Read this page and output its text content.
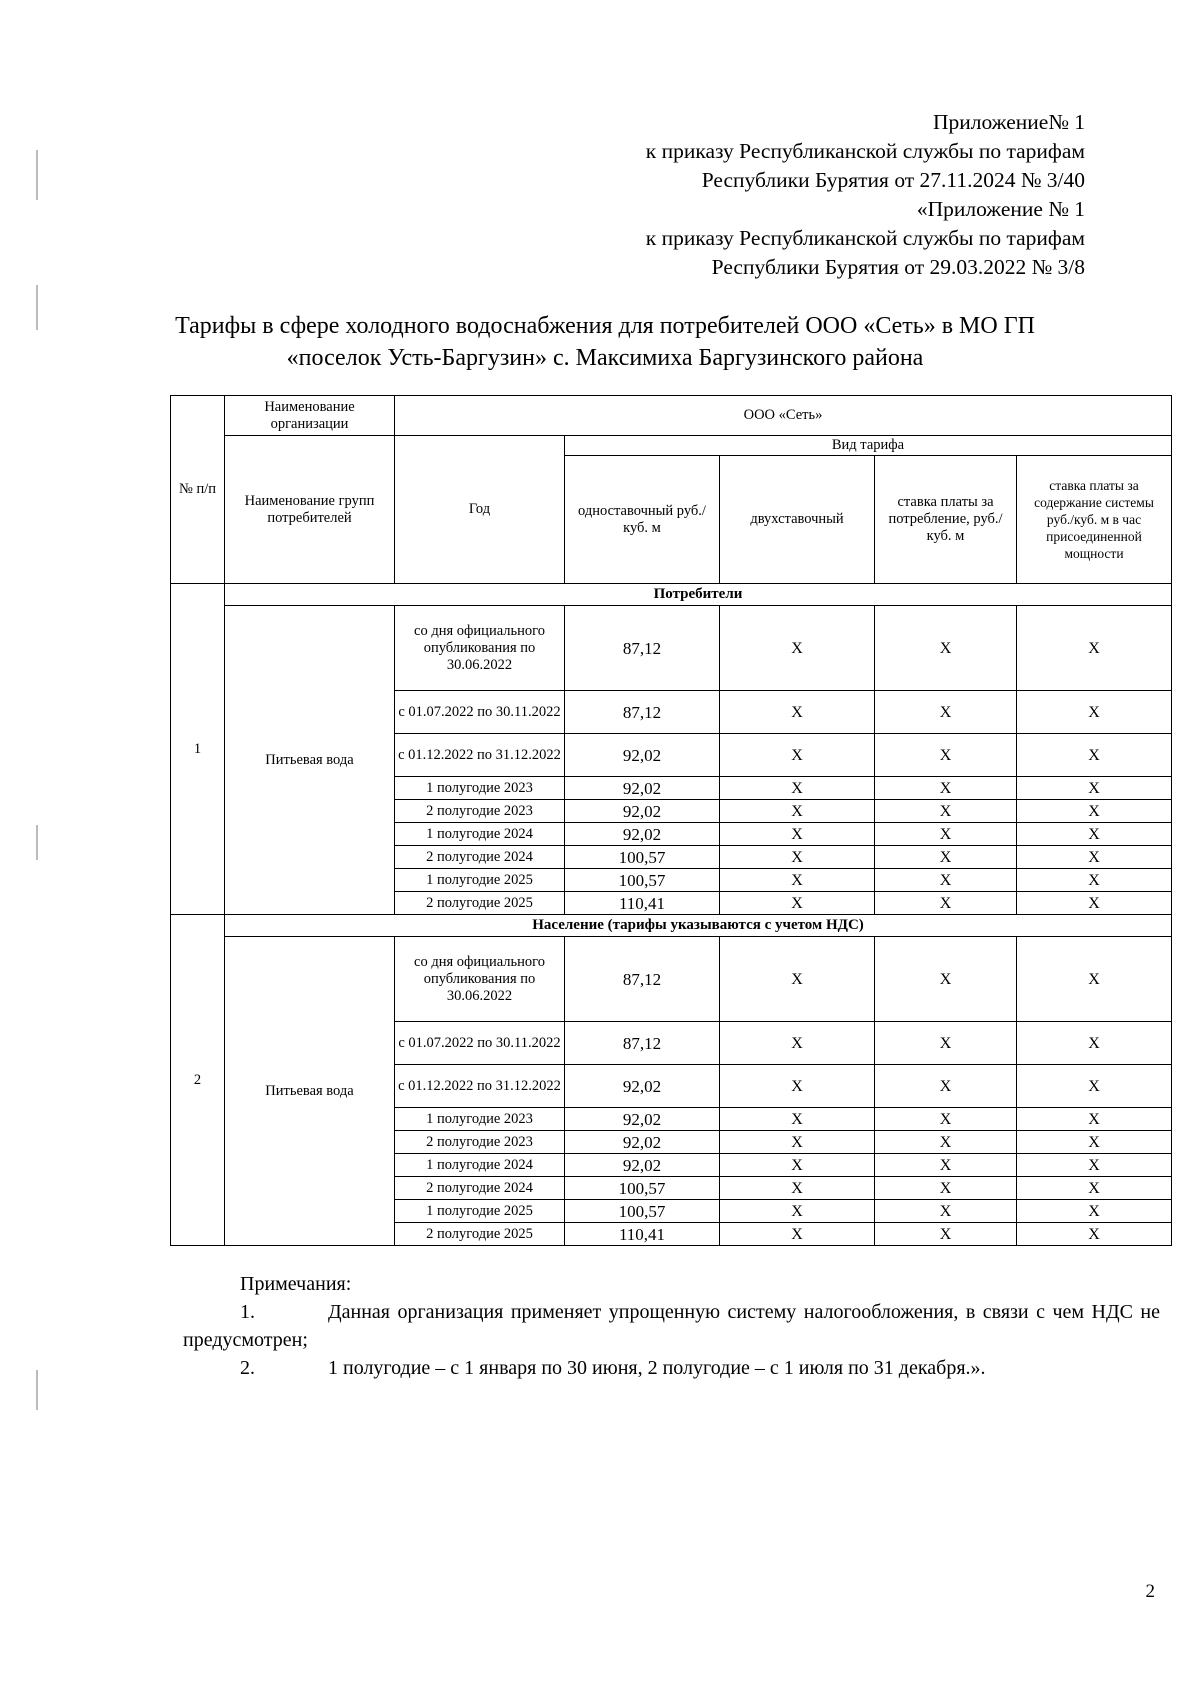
Приложение№ 1
к приказу Республиканской службы по тарифам
Республики Бурятия от 27.11.2024 № 3/40
«Приложение № 1
к приказу Республиканской службы по тарифам
Республики Бурятия от 29.03.2022 № 3/8
Тарифы в сфере холодного водоснабжения для потребителей ООО «Сеть» в МО ГП
«поселок Усть-Баргузин» с. Максимиха Баргузинского района
№ п/п	Наименование организации	ООО «Сеть»				
	Наименование групп потребителей	Год	Вид тарифа			
			одноставочный руб./ куб. м	двухставочный	ставка платы за потребление, руб./ куб. м	ставка платы за содержание системы руб./куб. м в час присоединенной мощности
1	Потребители					
	Питьевая вода	со дня официального опубликования по 30.06.2022	87,12	X	X	X
		с 01.07.2022 по 30.11.2022	87,12	X	X	X
		с 01.12.2022 по 31.12.2022	92,02	X	X	X
		1 полугодие 2023	92,02	X	X	X
		2 полугодие 2023	92,02	X	X	X
		1 полугодие 2024	92,02	X	X	X
		2 полугодие 2024	100,57	X	X	X
		1 полугодие 2025	100,57	X	X	X
		2 полугодие 2025	110,41	X	X	X
2	Население (тарифы указываются с учетом НДС)					
	Питьевая вода	со дня официального опубликования по 30.06.2022	87,12	X	X	X
		с 01.07.2022 по 30.11.2022	87,12	X	X	X
		с 01.12.2022 по 31.12.2022	92,02	X	X	X
		1 полугодие 2023	92,02	X	X	X
		2 полугодие 2023	92,02	X	X	X
		1 полугодие 2024	92,02	X	X	X
		2 полугодие 2024	100,57	X	X	X
		1 полугодие 2025	100,57	X	X	X
		2 полугодие 2025	110,41	X	X	X
Примечания:
1.	Данная организация применяет упрощенную систему налогообложения, в связи с чем НДС не предусмотрен;
2.	1 полугодие – с 1 января по 30 июня, 2 полугодие – с 1 июля по 31 декабря.».
2
